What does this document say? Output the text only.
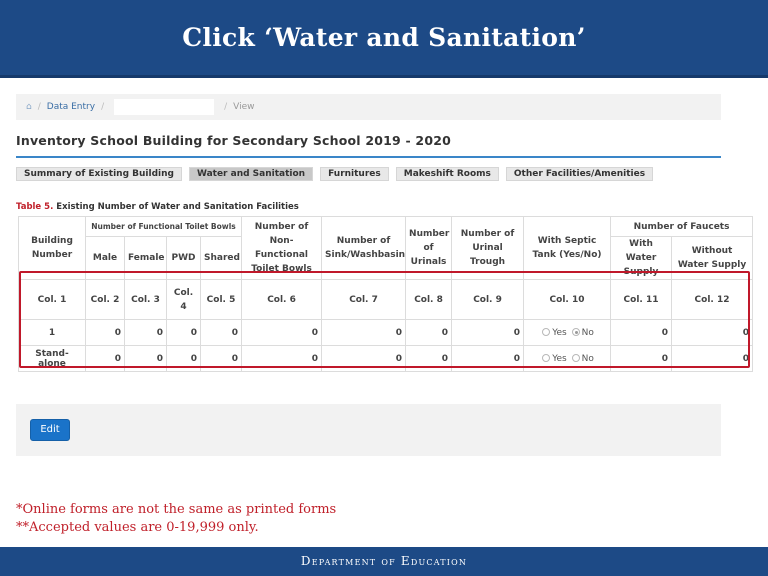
Click ‘Water and Sanitation’
⌂ / Data Entry /	/ View
Inventory School Building for Secondary School 2019 - 2020
Summary of Existing Building	Water and Sanitation	Furnitures	Makeshift Rooms	Other Facilities/Amenities
Table 5. Existing Number of Water and Sanitation Facilities
Building Number	Number of Functional Toilet Bowls				Number of Non-Functional Toilet Bowls	Number of Sink/Washbasin	Number of Urinals	Number of Urinal Trough	With Septic Tank (Yes/No)	Number of Faucets	
	Male	Female	PWD	Shared						With Water Supply	Without Water Supply
Col. 1	Col. 2	Col. 3	Col. 4	Col. 5	Col. 6	Col. 7	Col. 8	Col. 9	Col. 10	Col. 11	Col. 12
1	0	0	0	0	0	0	0	0	Yes No	0	0
Stand-alone	0	0	0	0	0	0	0	0	Yes No	0	0
Edit
*Online forms are not the same as printed forms
**Accepted values are 0-19,999 only.
Department of Education
